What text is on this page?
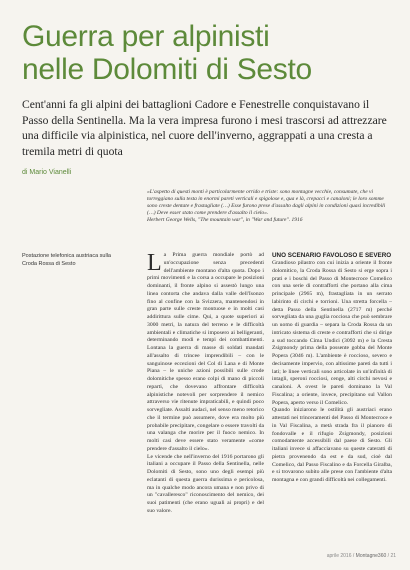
Guerra per alpinisti
nelle Dolomiti di Sesto

Cent'anni fa gli alpini dei battaglioni Cadore e Fenestrelle conquistavano il Passo della Sentinella. Ma la vera impresa furono i mesi trascorsi ad attrezzare una difficile via alpinistica, nel cuore dell'inverno, aggrappati a una cresta a tremila metri di quota

di Mario Vianelli
«L'aspetto di questi monti è particolarmente orrido e triste: sono montagne vecchie, consumate, che vi torreggiano sulla testa in enormi pareti verticali e spigolose e, qua e là, crepacci e canaloni; le loro somme sono creste dentate e frastagliate (…) Esse furono prese d'assalto dagli alpini in condizioni quasi incredibili (…) Deve esser stato come prendere d'assalto il cielo».
Herbert George Wells, "The mountain war", in "War and future". 1916
Postazione telefonica austriaca sulla Croda Rossa di Sesto	La Prima guerra mondiale portò ad un'occupazione senza precedenti dell'ambiente montano d'alta quota. Dopo i primi movimenti e la corsa a occupare le posizioni dominanti, il fronte alpino si assestò lungo una linea contorta che andava dalla valle dell'Isonzo fino al confine con la Svizzera, mantenendosi in gran parte sulle creste montuose e in molti casi addirittura sulle cime. Qui, a quote superiori ai 3000 metri, la natura del terreno e le difficoltà ambientali e climatiche si imposero ai belligeranti, determinando modi e tempi dei combattimenti. Lontana la guerra di masse di soldati mandati all'assalto di trincee imprendibili – con le sanguinose eccezioni del Col di Lana e di Monte Piana – le uniche azioni possibili sulle crode dolomitiche spesso erano colpi di mano di piccoli reparti, che dovevano affrontare difficoltà alpinistiche notevoli per sorprendere il nemico attraverso vie ritenute impraticabili, e quindi poco sorvegliate. Assalti audaci, nel senso meno retorico che il termine può assumere, dove era molto più probabile precipitare, congelare o essere travolti da una valanga che morire per il fuoco nemico. In molti casi deve essere stato veramente «come prendere d'assalto il cielo».

Le vicende che nell'inverno del 1916 portarono gli italiani a occupare il Passo della Sentinella, nelle Dolomiti di Sesto, sono uno degli esempi più eclatanti di questa guerra durissima e pericolosa, ma in qualche modo ancora umana e non privo di un "cavalleresco" riconoscimento del nemico, dei suoi patimenti (che erano uguali ai propri) e del suo valore.

UNO SCENARIO FAVOLOSO E SEVERO

Grandioso pilastro con cui inizia a oriente il fronte dolomitico, la Croda Rossa di Sesto si erge sopra i prati e i boschi del Passo di Montecroce Comelico con una serie di contrafforti che portano alla cima principale (2965 m), frastagliata in un serrato labirinto di circhi e torrioni. Una stretta forcella – detta Passo della Sentinella (2717 m) perché sorvegliata da una guglia rocciosa che può sembrare un uomo di guardia – separa la Croda Rossa da un intricato sistema di creste e contrafforti che si dirige a sud toccando Cima Undici (3092 m) e la Cresta Zsigmondy prima della possente gobba del Monte Popera (3046 m). L'ambiente è roccioso, severo e decisamente impervio, con altissime pareti da tutti i lati; le linee verticali sono articolate in un'infinità di intagli, speroni rocciosi, cenge, alti circhi nevosi e canaloni. A ovest le pareti dominano la Val Fiscalina; a oriente, invece, precipitano sul Vallon Popera, aperto verso il Comelico.

Quando iniziarono le ostilità gli austriaci erano attestati nei trinceramenti del Passo di Montecroce e in Val Fiscalina, a metà strada fra il pianoro di fondovalle e il rifugio Zsigmondy, posizioni comodamente accessibili dal paese di Sesto. Gli italiani invece si affacciavano su queste cateratti di pietra provenendo da est e da sud, cioè dal Comelico, dal Passo Fiscalino e da Forcella Giralba, e si trovarono subito alle prese con l'ambiente d'alta montagna e con grandi difficoltà nei collegamenti.

aprile 2016 / Montagne360 / 21
